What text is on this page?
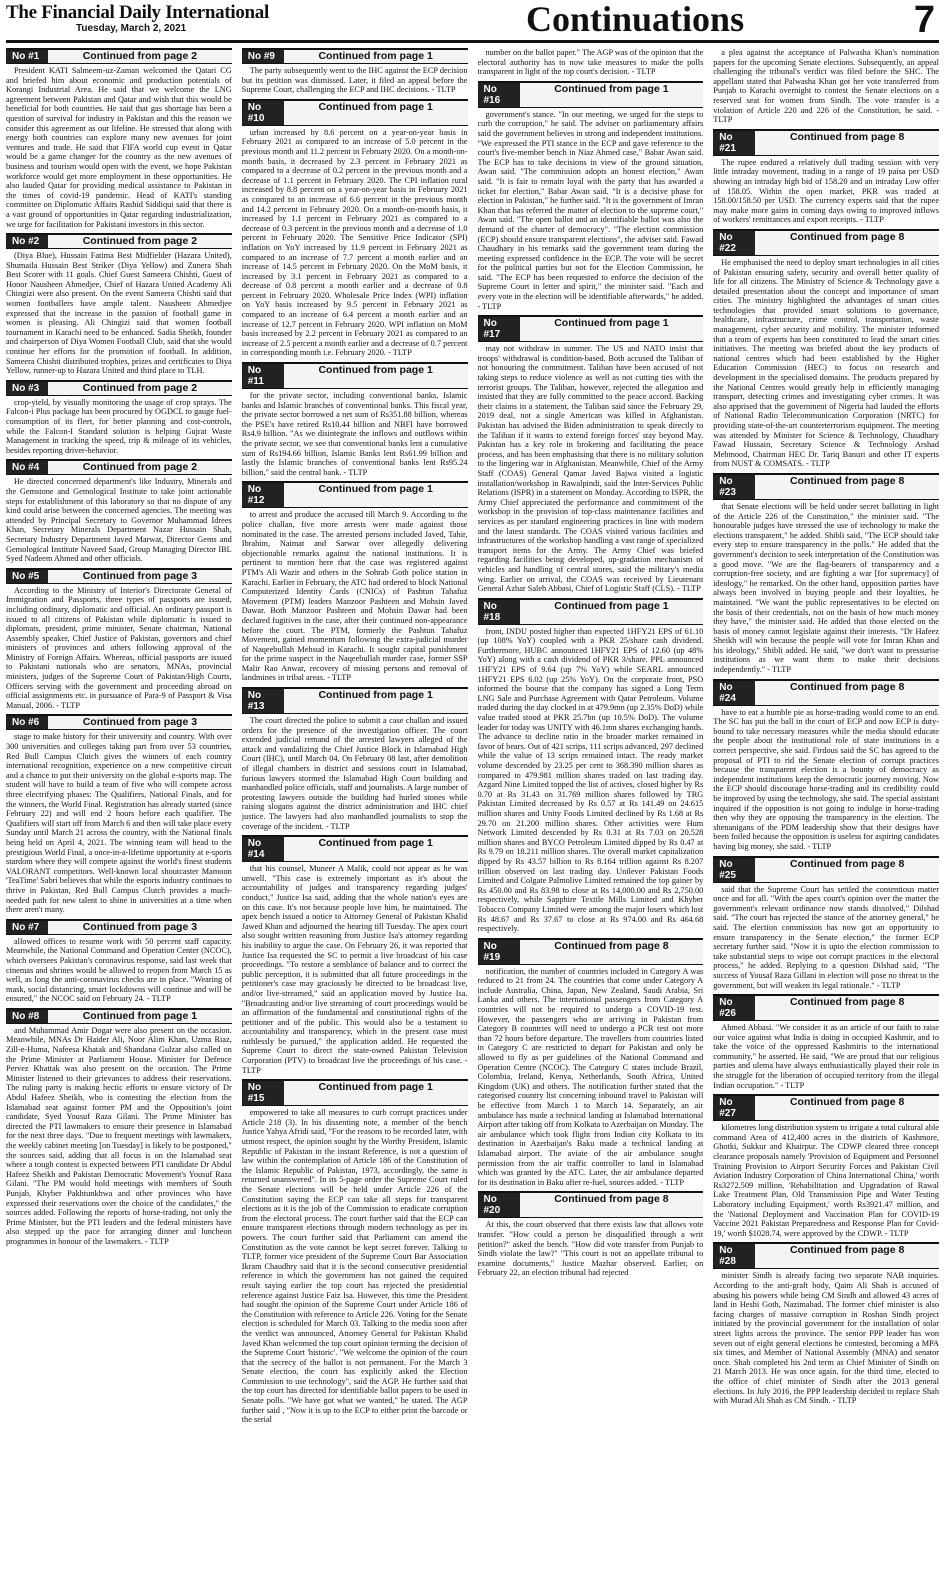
The Financial Daily International
Tuesday, March 2, 2021	Continuations	7
No #1	Continued from page 2

President KATI Salmeem-uz-Zaman welcomed the Qatari CG and briefed him about economic and production potentials of Korangi Industrial Area. He said that we welcome the LNG agreement between Pakistan and Qatar and wish that this would be beneficial for both countries. He said that gas shortage has been a question of survival for industry in Pakistan and this the reason we consider this agreement as our lifeline. He stressed that along with energy both countries can explore many new avenues for joint ventures and trade. He said that FIFA world cup event in Qatar would be a game changer for the country as the new avenues of business and tourism would open with the event, we hope Pakistan workforce would get more employment in these opportunities. He also lauded Qatar for providing medical assistance to Pakistan in the times of covid-19 pandemic. Head of KATI's standing committee on Diplomatic Affairs Rashid Siddiqui said that there is a vast ground of opportunities in Qatar regarding industrialization, we urge for facilitation for Pakistani investors in this sector.

No #2	Continued from page 2

(Diya Blue), Hussain Fatima Best Midfielder (Hazara United), Shumaila Hussain Best Striker (Diya Yellow) and Zunera Shah Best Scorer with 11 goals. Chief Guest Sameera Chishti, Guest of Honor Nausheen Ahmedjee, Chief of Hazara United Academy Ali Chingizi were also present. On the event Sameera Chishti said that women footballers have ample talent. Nausheen Ahmedjee expressed that the increase in the passion of football game in women is pleasing. Ali Chingizi said that women football tournament in Karachi need to be enhanced. Sadia Sheikh, founder and chairperson of Diya Women Football Club, said that she would continue her efforts for the promotion of football. In addition, Sameera Chishti distributed trophies, prizes and certificates to Diya Yellow, runner-up to Hazara United and third place to TLH.

No #3	Continued from page 2

crop-yield, by visually monitoring the usage of crop sprays. The Falcon-i Plus package has been procured by OGDCL to gauge fuel-consumption of its fleet, for better planning and cost-controls, while the Falcon-I Standard solution is helping Gujrat Waste Management in tracking the speed, trip & mileage of its vehicles, besides reporting driver-behavior.

No #4	Continued from page 2

He directed concerned department's like Industry, Minerals and the Gemstone and Gemological Institute to take joint actionable steps for establishment of this laboratory so that no dispute of any kind could arise between the concerned agencies. The meeting was attended by Principal Secretary to Governor Muhammad Idrees Khan, Secretary Minerals Department Nazar Hussain Shah, Secretary Industry Department Javed Marwat, Director Gems and Gemological Institute Naveed Saad, Group Managing Director IBL Syed Nadeem Ahmed and other officials.

No #5	Continued from page 3

According to the Ministry of Interior's Directorate General of Immigration and Passports, three types of passports are issued, including ordinary, diplomatic and official. An ordinary passport is issued to all citizens of Pakistan while diplomatic is issued to diplomats, president, prime minister, Senate chairman, National Assembly speaker, Chief Justice of Pakistan, governors and chief ministers of provinces and others following approval of the Ministry of Foreign Affairs. Whereas, official passports are issued to Pakistani nationals who are senators, MNAs, provincial ministers, judges of the Supreme Court of Pakistan/High Courts, Officers serving with the government and proceeding abroad on official assignments etc. in pursuance of Para-9 of Passport & Visa Manual, 2006. - TLTP

No #6	Continued from page 3

stage to make history for their university and country. With over 300 universities and colleges taking part from over 53 countries, Red Bull Campus Clutch gives the winners of each country international recognition, experience on a new competitive circuit and a chance to put their university on the global e-sports map. The student will have to build a team of five who will compete across three electrifying phases: The Qualifiers, National Finals, and for the winners, the World Final. Registration has already started (since February 22) and will end 2 hours before each qualifier. The Qualifiers will start off from March 6 and then will take place every Sunday until March 21 across the country, with the National finals being held on April 4, 2021. The winning team will head to the prestigious World Final, a once-in-a-lifetime opportunity at e-sports stardom where they will compete against the world's finest students VALORANT competitors. Well-known local shoutcaster Mamoon 'TeaTime' Sabri believes that while the esports industry continues to thrive in Pakistan, Red Bull Campus Clutch provides a much-needed path for new talent to shine in universities at a time when there aren't many.

No #7	Continued from page 3

allowed offices to resume work with 50 percent staff capacity. Meanwhile, the National Command and Operation Center (NCOC), which oversees Pakistan's coronavirus response, said last week that cinemas and shrines would be allowed to reopen from March 15 as well, as long the anti-coronavirus checks are in place. "Wearing of mask, social distancing, smart lockdowns will continue and will be ensured," the NCOC said on February 24. - TLTP

No #8	Continued from page 1

and Muhammad Amir Dogar were also present on the occasion. Meanwhile, MNAs Dr Haider Ali, Noor Alim Khan, Uzma Riaz, Zill-e-Huma, Nafeesa Khatak and Shandana Gulzar also called on the Prime Minister at Parliament House. Minister for Defence Pervez Khattak was also present on the occasion. The Prime Minister listened to their grievances to address their reservations. The ruling party is making hectic efforts to ensure victory of Dr Abdul Hafeez Sheikh, who is contesting the election from the Islamabad seat against former PM and the Opposition's joint candidate, Syed Yousuf Raza Gilani. The Prime Minister has directed the PTI lawmakers to ensure their presence in Islamabad for the next three days. "Due to frequent meetings with lawmakers, the weekly cabinet meeting [on Tuesday] is likely to be postponed," the sources said, adding that all focus is on the Islamabad seat where a tough contest is expected between PTI candidate Dr Abdul Hafeez Sheikh and Pakistan Democratic Movement's Yousuf Raza Gilani. "The PM would hold meetings with members of South Punjab, Khyber Pakhtunkhwa and other provinces who have expressed their reservations over the choice of the candidates," the sources added. Following the reports of horse-trading, not only the Prime Minister, but the PTI leaders and the federal ministers have also stepped up the pace for arranging dinner and luncheon programmes in honour of the lawmakers. - TLTP

No #9	Continued from page 1

The party subsequently went to the IHC against the ECP decision but its petition was dismissed. Later, it filed an appeal before the Supreme Court, challenging the ECP and IHC decisions. - TLTP

No #10
Continued from page 1

urban increased by 8.6 percent on a year-on-year basis in February 2021 as compared to an increase of 5.0 percent in the previous month and 11.2 percent in February 2020. On a month-on-month basis, it decreased by 2.3 percent in February 2021 as compared to a decrease of 0.2 percent in the previous month and a decrease of 1.1 percent in February 2020. The CPI inflation rural increased by 8.8 percent on a year-on-year basis in February 2021 as compared to an increase of 6.6 percent in the previous month and 14.2 percent in February 2020. On a month-on-month basis, it increased by 1.1 percent in February 2021 as compared to a decrease of 0.3 percent in the previous month and a decrease of 1.0 percent in February 2020. The Sensitive Price Indicator (SPI) inflation on YoY increased by 11.9 percent in February 2021 as compared to an increase of 7.7 percent a month earlier and an increase of 14.5 percent in February 2020. On the MoM basis, it increased by 3.1 percent in February 2021 as compared to a decrease of 0.8 percent a month earlier and a decrease of 0.8 percent in February 2020. Wholesale Price Index (WPI) inflation on YoY basis increased by 9.5 percent in February 2021 as compared to an increase of 6.4 percent a month earlier and an increase of 12.7 percent in February 2020. WPI inflation on MoM basis increased by 2.2 percent in February 2021 as compared to an increase of 2.5 percent a month earlier and a decrease of 0.7 percent in corresponding month i.e. February 2020. - TLTP

No #11
Continued from page 1

for the private sector, including conventional banks, Islamic banks and Islamic branches of conventional banks. This fiscal year, the private sector borrowed a net sum of Rs351.88 billion, whereas the PSE's have retired Rs10.44 billion and NBFI have borrowed Rs4.9 billion. "As we disintegrate the inflows and outflows within the private sector, we see that conventional banks lent a cumulative sum of Rs194.66 billion, Islamic Banks lent Rs61.99 billion and lastly the Islamic branches of conventional banks lent Rs95.24 billion," said the central bank. - TLTP

No #12
Continued from page 1

to arrest and produce the accused till March 9. According to the police challan, five more arrests were made against those nominated in the case. The arrested persons included Javed, Tahir, Ibrahim, Naimat and Sarwar over allegedly delivering objectionable remarks against the national institutions. It is pertinent to mention here that the case was registered against PTM's Ali Wazir and others in the Sohrab Goth police station in Karachi. Earlier in February, the ATC had ordered to block National Computerized Identity Cards (CNICs) of Pashtun Tahafuz Movement (PTM) leaders Manzoor Pashteen and Mohsin Javed Dawar. Both Manzoor Pashteen and Mohsin Dawar had been declared fugitives in the case, after their continued non-appearance before the court. The PTM, formerly the Pashtun Tahafuz Movement, gained momentum following the extra-judicial murder of Naqeebullah Mehsud in Karachi. It sought capital punishment for the prime suspect in the Naqeebullah murder case, former SSP Malir Rao Anwar, recovery of missing persons and removal of landmines in tribal areas. - TLTP

No #13
Continued from page 1

The court directed the police to submit a case challan and issued orders for the presence of the investigation officer. The court extended judicial remand of the arrested lawyers alleged of the attack and vandalizing the Chief Justice Block in Islamabad High Court (IHC), until March 04. On February 08 last, after demolition of illegal chambers in district and sessions court in Islamabad, furious lawyers stormed the Islamabad High Court building and manhandled police officials, staff and journalists. A large number of protesting lawyers outside the building had hurled stones while raising slogans against the district administration and IHC chief justice. The lawyers had also manhandled journalists to stop the coverage of the incident. - TLTP

No #14
Continued from page 1

that his counsel, Muneer A Malik, could not appear as he was unwell. "This case is extremely important as it's about the accountability of judges and transparency regarding judges' conduct," Justice Isa said, adding that the whole nation's eyes are on this case. It's not because people love him, he maintained. The apex bench issued a notice to Attorney General of Pakistan Khalid Jawed Khan and adjourned the hearing till Tuesday. The apex court also sought written reasoning from Justice Isa's attorney regarding his inability to argue the case. On February 26, it was reported that Justice Isa requested the SC to permit a live broadcast of his case proceedings. "To restore a semblance of balance and to correct the public perception, it is submitted that all future proceedings in the petitioner's case may graciously be directed to be broadcast live, and/or live-streamed," said an application moved by Justice Isa. "Broadcasting and/or live streaming of court proceedings would be an affirmation of the fundamental and constitutional rights of the petitioner and of the public. This would also be a testament to accountability and transparency, which in the present case must ruthlessly be pursued," the application added. He requested the Supreme Court to direct the state-owned Pakistan Television Corporation (PTV) to broadcast live the proceedings of his case. - TLTP

No #15
Continued from page 1

empowered to take all measures to curb corrupt practices under Article 218 (3). In his dissenting note, a member of the bench Justice Yahya Afridi said, "For the reasons to be recorded later, with utmost respect, the opinion sought by the Worthy President, Islamic Republic of Pakistan in the instant Reference, is not a question of law within the contemplation of Article 186 of the Constitution of the Islamic Republic of Pakistan, 1973, accordingly, the same is returned unanswered". In its 5-page order the Supreme Court ruled the Senate elections will be held under Article 226 of the Constitution saying the ECP can take all steps for transparent elections as it is the job of the Commission to eradicate corruption from the electoral process. The court further said that the ECP can ensure transparent elections through modern technology as per its powers. The court further said that Parliament can amend the Constitution as the vote cannot be kept secret forever. Talking to TLTP, former vice president of the Supreme Court Bar Association Ikram Chaudhry said that it is the second consecutive presidential reference in which the government has not gained the required result saying earlier the top court has rejected the presidential reference against Justice Faiz Isa. However, this time the President had sought the opinion of the Supreme Court under Article 186 of the Constitution with reference to Article 226. Voting for the Senate election is scheduled for March 03. Talking to the media soon after the verdict was announced, Attorney General for Pakistan Khalid Javed Khan welcomed the top court opinion terming the decision of the Supreme Court 'historic'. "We welcome the opinion of the court that the secrecy of the ballot is not permanent. For the March 3 Senate election, the court has explicitly asked the Election Commission to use technology", said the AGP. He further said that the top court has directed for identifiable ballot papers to be used in Senate polls. "We have got what we wanted," he stated. The AGP further said , "Now it is up to the ECP to either print the barcode or the serial

number on the ballot paper." The AGP was of the opinion that the electoral authority has to now take measures to make the polls transparent in light of the top court's decision. - TLTP

No #16
Continued from page 1

government's stance. "In our meeting, we urged for the steps to curb the corruption," he said. The adviser on parliamentary affairs said the government believes in strong and independent institutions. "We expressed the PTI stance in the ECP and gave reference to the court's five-member bench in Niaz Ahmed case," Babar Awan said. The ECP has to take decisions in view of the ground situation, Awan said. "The commission adopts an honest election," Awan said. "It is fair to remain loyal with the party that has awarded a ticket for election," Babar Awan said. "It is a decisive phase for election in Pakistan," he further said. "It is the government of Imran Khan that has referred the matter of election to the supreme court," Awan said. "The open ballot and an identifiable ballot was also the demand of the charter of democracy". "The election commission (ECP) should ensure transparent elections", the adviser said. Fawad Chaudhary in his remarks said the government team during the meeting expressed confidence in the ECP. The vote will be secret for the political parties but not for the Election Commission, he said. "The ECP has been requested to enforce the decision of the Supreme Court in letter and spirit," the minister said. "Each and every vote in the election will be identifiable afterwards," he added. - TLTP

No #17
Continued from page 1

may not withdraw in summer. The US and NATO insist that troops' withdrawal is condition-based. Both accused the Taliban of not honouring the commitment. Taliban have been accused of not taking steps to reduce violence as well as not cutting ties with the terrorist groups. The Taliban, however, rejected the allegation and insisted that they are fully committed to the peace accord. Backing their claims in a statement, the Taliban said since the February 29, 2019 deal, not a single American was killed in Afghanistan. Pakistan has advised the Biden administration to speak directly to the Taliban if it wants to extend foreign forces' stay beyond May. Pakistan has a key role in brokering and facilitating the peace process, and has been emphasising that there is no military solution to the lingering war in Afghanistan. Meanwhile, Chief of the Army Staff (COAS) General Qamar Javed Bajwa visited a logistic installation/workshop in Rawalpindi, said the Inter-Services Public Relations (ISPR) in a statement on Monday. According to ISPR, the Army Chief appreciated the performance and commitment of the workshop in the provision of top-class maintenance facilities and services as per standard engineering practices in line with modern and the latest standards. The COAS visited various facilities and infrastructures of the workshop handling a vast range of specialized transport items for the Army. The Army Chief was briefed regarding facilities being developed, up-gradation mechanism of vehicles and handling of central stores, said the military's media wing. Earlier on arrival, the COAS was received by Lieutenant General Azhar Saleh Abbasi, Chief of Logistic Staff (CLS). - TLTP

No #18
Continued from page 1

front, INDU posted higher than expected 1HFY21 EPS of 61.10 (up 108% YoY) coupled with a PKR 25/share cash dividend. Furthermore, HUBC announced 1HFY21 EPS of 12.60 (up 48% YoY) along with a cash dividend of PKR 3/share. PPL announced 1HFY21 EPS of 9.64 (up 7% YoY) while SEARL announced 1HFY21 EPS 6.02 (up 25% YoY). On the corporate front, PSO informed the bourse that the company has signed a Long Term LNG Sale and Purchase Agreement with Qatar Petroleum. Volume traded during the day clocked in at 479.9mn (up 2.35% DoD) while value traded stood at PKR 25.7bn (up 10.5% DoD). The volume leader for today was UNITY with 46.1mn shares exchanging hands. The advance to decline ratio in the broader market remained in favor of bears. Out of 421 scrips, 111 scrips advanced, 297 declined while the value of 13 scrips remained intact. The ready market volume descended by 23.25 per cent to 368.390 million shares as compared to 479.981 million shares traded on last trading day. Azgard Nine Limited topped the list of actives, closed higher by Rs 0.70 at Rs 31.43 on 31.769 million shares followed by TRG Pakistan Limited decreased by Rs 0.57 at Rs 141.49 on 24.615 million shares and Unity Foods Limited declined by Rs 1.68 at Rs 29.70 on 21.200 million shares. Other activities were Hum Network Limited descended by Rs 0.31 at Rs 7.03 on 20.528 million shares and BYCO Petroleum Limited dipped by Rs 0.47 at Rs 9.79 on 18.211 million shares. The overall market capitalization dipped by Rs 43.57 billion to Rs 8.164 trillion against Rs 8.207 trillion observed on last trading day. Unilever Pakistan Foods Limited and Colgate Palmolive Limited remained the top gainer by Rs 450.00 and Rs 83.98 to close at Rs 14,000.00 and Rs 2,750.00 respectively, while Sapphire Textile Mills Limited and Khyber Tobacco Company Limited were among the major losers which lost Rs 48.67 and Rs 37.67 to close at Rs 974.00 and Rs 464.68 respectively.

No #19
Continued from page 8

notification, the number of countries included in Category A was reduced to 21 from 24. The countries that come under Category A include Australia, China, Japan, New Zealand, Saudi Arabia, Sri Lanka and others. The international passengers from Category A countries will not be required to undergo a COVID-19 test. However, the passengers who are arriving in Pakistan from Category B countries will need to undergo a PCR test not more than 72 hours before departure. The travellers from countries listed in Category C are restricted to depart for Pakistan and only be allowed to fly as per guidelines of the National Command and Operation Centre (NCOC). The Category C states include Brazil, Colombia, Ireland, Kenya, Netherlands, South Africa, United Kingdom (UK) and others. The notification further stated that the categorised country list concerning inbound travel to Pakistan will be effective from March 1 to March 14. Separately, an air ambulance has made a technical landing at Islamabad International Airport after taking off from Kolkata to Azerbaijan on Monday. The air ambulance which took flight from Indian city Kolkata to its destination in Azerbaijan's Baku made a technical landing at Islamabad airport. The aviate of the air ambulance sought permission from the air traffic controller to land in Islamabad which was granted by the ATC. Later, the air ambulance departed for its destination in Baku after re-fuel, sources added. - TLTP

No #20
Continued from page 8

At this, the court observed that there exists law that allows vote transfer. "How could a person be disqualified through a writ petition?" asked the bench. "How did vote transfer from Punjab to Sindh violate the law?" "This court is not an appellate tribunal to examine documents," Justice Mazhar observed. Earlier, on February 22, an election tribunal had rejected

a plea against the acceptance of Palwasha Khan's nomination papers for the upcoming Senate elections. Subsequently, an appeal challenging the tribunal's verdict was filed before the SHC. The appellant stated that Palwasha Khan got her vote transferred from Punjab to Karachi overnight to contest the Senate elections on a reserved seat for women from Sindh. The vote transfer is a violation of Article 220 and 226 of the Constitution, he said. - TLTP

No #21
Continued from page 8

The rupee endured a relatively dull trading session with very little intraday movement, trading in a range of 19 paisa per USD showing an intraday high bid of 158.20 and an intraday Low offer of 158.05. Within the open market, PKR was traded at 158.00/158.50 per USD. The currency experts said that the rupee may make more gains in coming days owing to improved inflows of workers' remittances and export receipts. - TLTP

No #22
Continued from page 8

He emphasised the need to deploy smart technologies in all cities of Pakistan ensuring safety, security and overall better quality of life for all citizens. The Ministry of Science & Technology gave a detailed presentation about the concept and importance of smart cities. The ministry highlighted the advantages of smart cities technologies that provided smart solutions to governance, healthcare, infrastructure, crime control, transportation, waste management, cyber security and mobility. The minister informed that a team of experts has been constituted to lead the smart cities initiatives. The meeting was briefed about the key products of national centres which had been established by the Higher Education Commission (HEC) to focus on research and development in the specialised domains. The products prepared by the National Centres would greatly help in efficiently managing transport, detecting crimes and investigating cyber crimes. It was also apprised that the government of Nigeria had lauded the efforts of National Radio Telecommunication Corporation (NRTC) for providing state-of-the-art counterterrorism equipment. The meeting was attended by Minister for Science & Technology, Chaudhary Fawad Hussain, Secretary Science & Technology Arshad Mehmood, Chairman HEC Dr. Tariq Banuri and other IT experts from NUST & COMSATS. - TLTP

No #23
Continued from page 8

that Senate elections will be held under secret balloting in light of the Article 226 of the Constitution," the minister said. "The honourable judges have stressed the use of technology to make the elections transparent," he added. Shibli said, "The ECP should take every step to ensure transparency in the polls." He added that the government's decision to seek interpretation of the Constitution was a good move. "We are the flag-bearers of transparency and a corruption-free society, and are fighting a war [for supremacy] of ideology," he remarked. On the other hand, opposition parties have always been involved in buying people and their loyalties, he maintained. "We want the public representatives to be elected on the basis of their credentials, not on the basis of how much money they have," the minister said. He added that those elected on the basis of money cannot legislate against their interests. "Dr Hafeez Sheikh will win because the people will vote for Imran Khan and his ideology," Shibli added. He said, "we don't want to pressurise institutions as we want them to make their decisions independently." - TLTP

No #24
Continued from page 8

have to eat a humble pie as horse-trading would come to an end. The SC has put the ball in the court of ECP and now ECP is duty-bound to take necessary measures while the media should educate the people about the institutional role of state institutions in a correct perspective, she said. Firdous said the SC has agreed to the proposal of PTI to rid the Senate election of corrupt practices because the transparent election is a bounty of democracy as independent institutions keep the democratic journey moving. Now the ECP should discourage horse-trading and its credibility could be improved by using the technology, she said. The special assistant inquired if the opposition is not going to indulge in horse-trading then why they are opposing the transparency in the election. The shenanigans of the PDM leadership show that their designs have been foiled because the opposition is useless for aspiring candidates having big money, she said. - TLTP

No #25
Continued from page 8

said that the Supreme Court has settled the contentious matter once and for all. "With the apex court's opinion over the matter the government's relevant ordinance now stands dissolved," Dilshad said. "The court has rejected the stance of the attorney general," he said. The election commission has now got an opportunity to ensure transparency in the Senate election," the former ECP secretary further said. "Now it is upto the election commission to take substantial steps to wipe out corrupt practices in the electoral process," he added. Replying to a question Dilshad said, "The success of Yousaf Raza Gillani in election will pose no threat to the government, but will weaken its legal rationale." - TLTP

No #26
Continued from page 8

Ahmed Abbasi. "We consider it as an article of our faith to raise our voice against what India is doing in occupied Kashmir, and to take the voice of the oppressed Kashmiris to the international community," he asserted. He said, "We are proud that our religious parties and ulema have always enthusiastically played their role in the struggle for the liberation of occupied territory from the illegal Indian occupation." - TLTP

No #27
Continued from page 8

kilometres long distribution system to irrigate a total cultural able command Area of 412,400 acres in the districts of Kashmore, Ghotki, Sukkur and Khairpur. The CDWP cleared three concept clearance proposals namely 'Provision of Equipment and Personnel Training Provision to Airport Security Forces and Pakistan Civil Aviation Industry Corporation of China International China,' worth Rs3272.509 million, 'Rehabilitation and Upgradation of Rawal Lake Treatment Plan, Old Transmission Pipe and Water Testing Laboratory including Equipment,' worth Rs3921.47 million, and the 'National Deployment and Vaccination Plan for COVID-19 Vaccine 2021 Pakistan Preparedness and Response Plan for Covid-19,' worth $1028.74, were approved by the CDWP. - TLTP

No #28
Continued from page 8

minister Sindh is already facing two separate NAB inquiries. According to the anti-graft body, Qaim Ali Shah is accused of abusing his powers while being CM Sindh and allowed 43 acres of land in Heshi Goth, Nazimabad. The former chief minister is also facing charges of massive corruption in Roshan Sindh project initiated by the provincial government for the installation of solar street lights across the province. The senior PPP leader has won seven out of eight general elections he contested, becoming a MPA six times, and Member of National Assembly (MNA) and senator once. Shah completed his 2nd term as Chief Minister of Sindh on 21 March 2013. He was once again, for the third time, elected to the office of chief minister of Sindh after the 2013 general elections. In July 2016, the PPP leadership decided to replace Shah with Murad Ali Shah as CM Sindh. - TLTP
